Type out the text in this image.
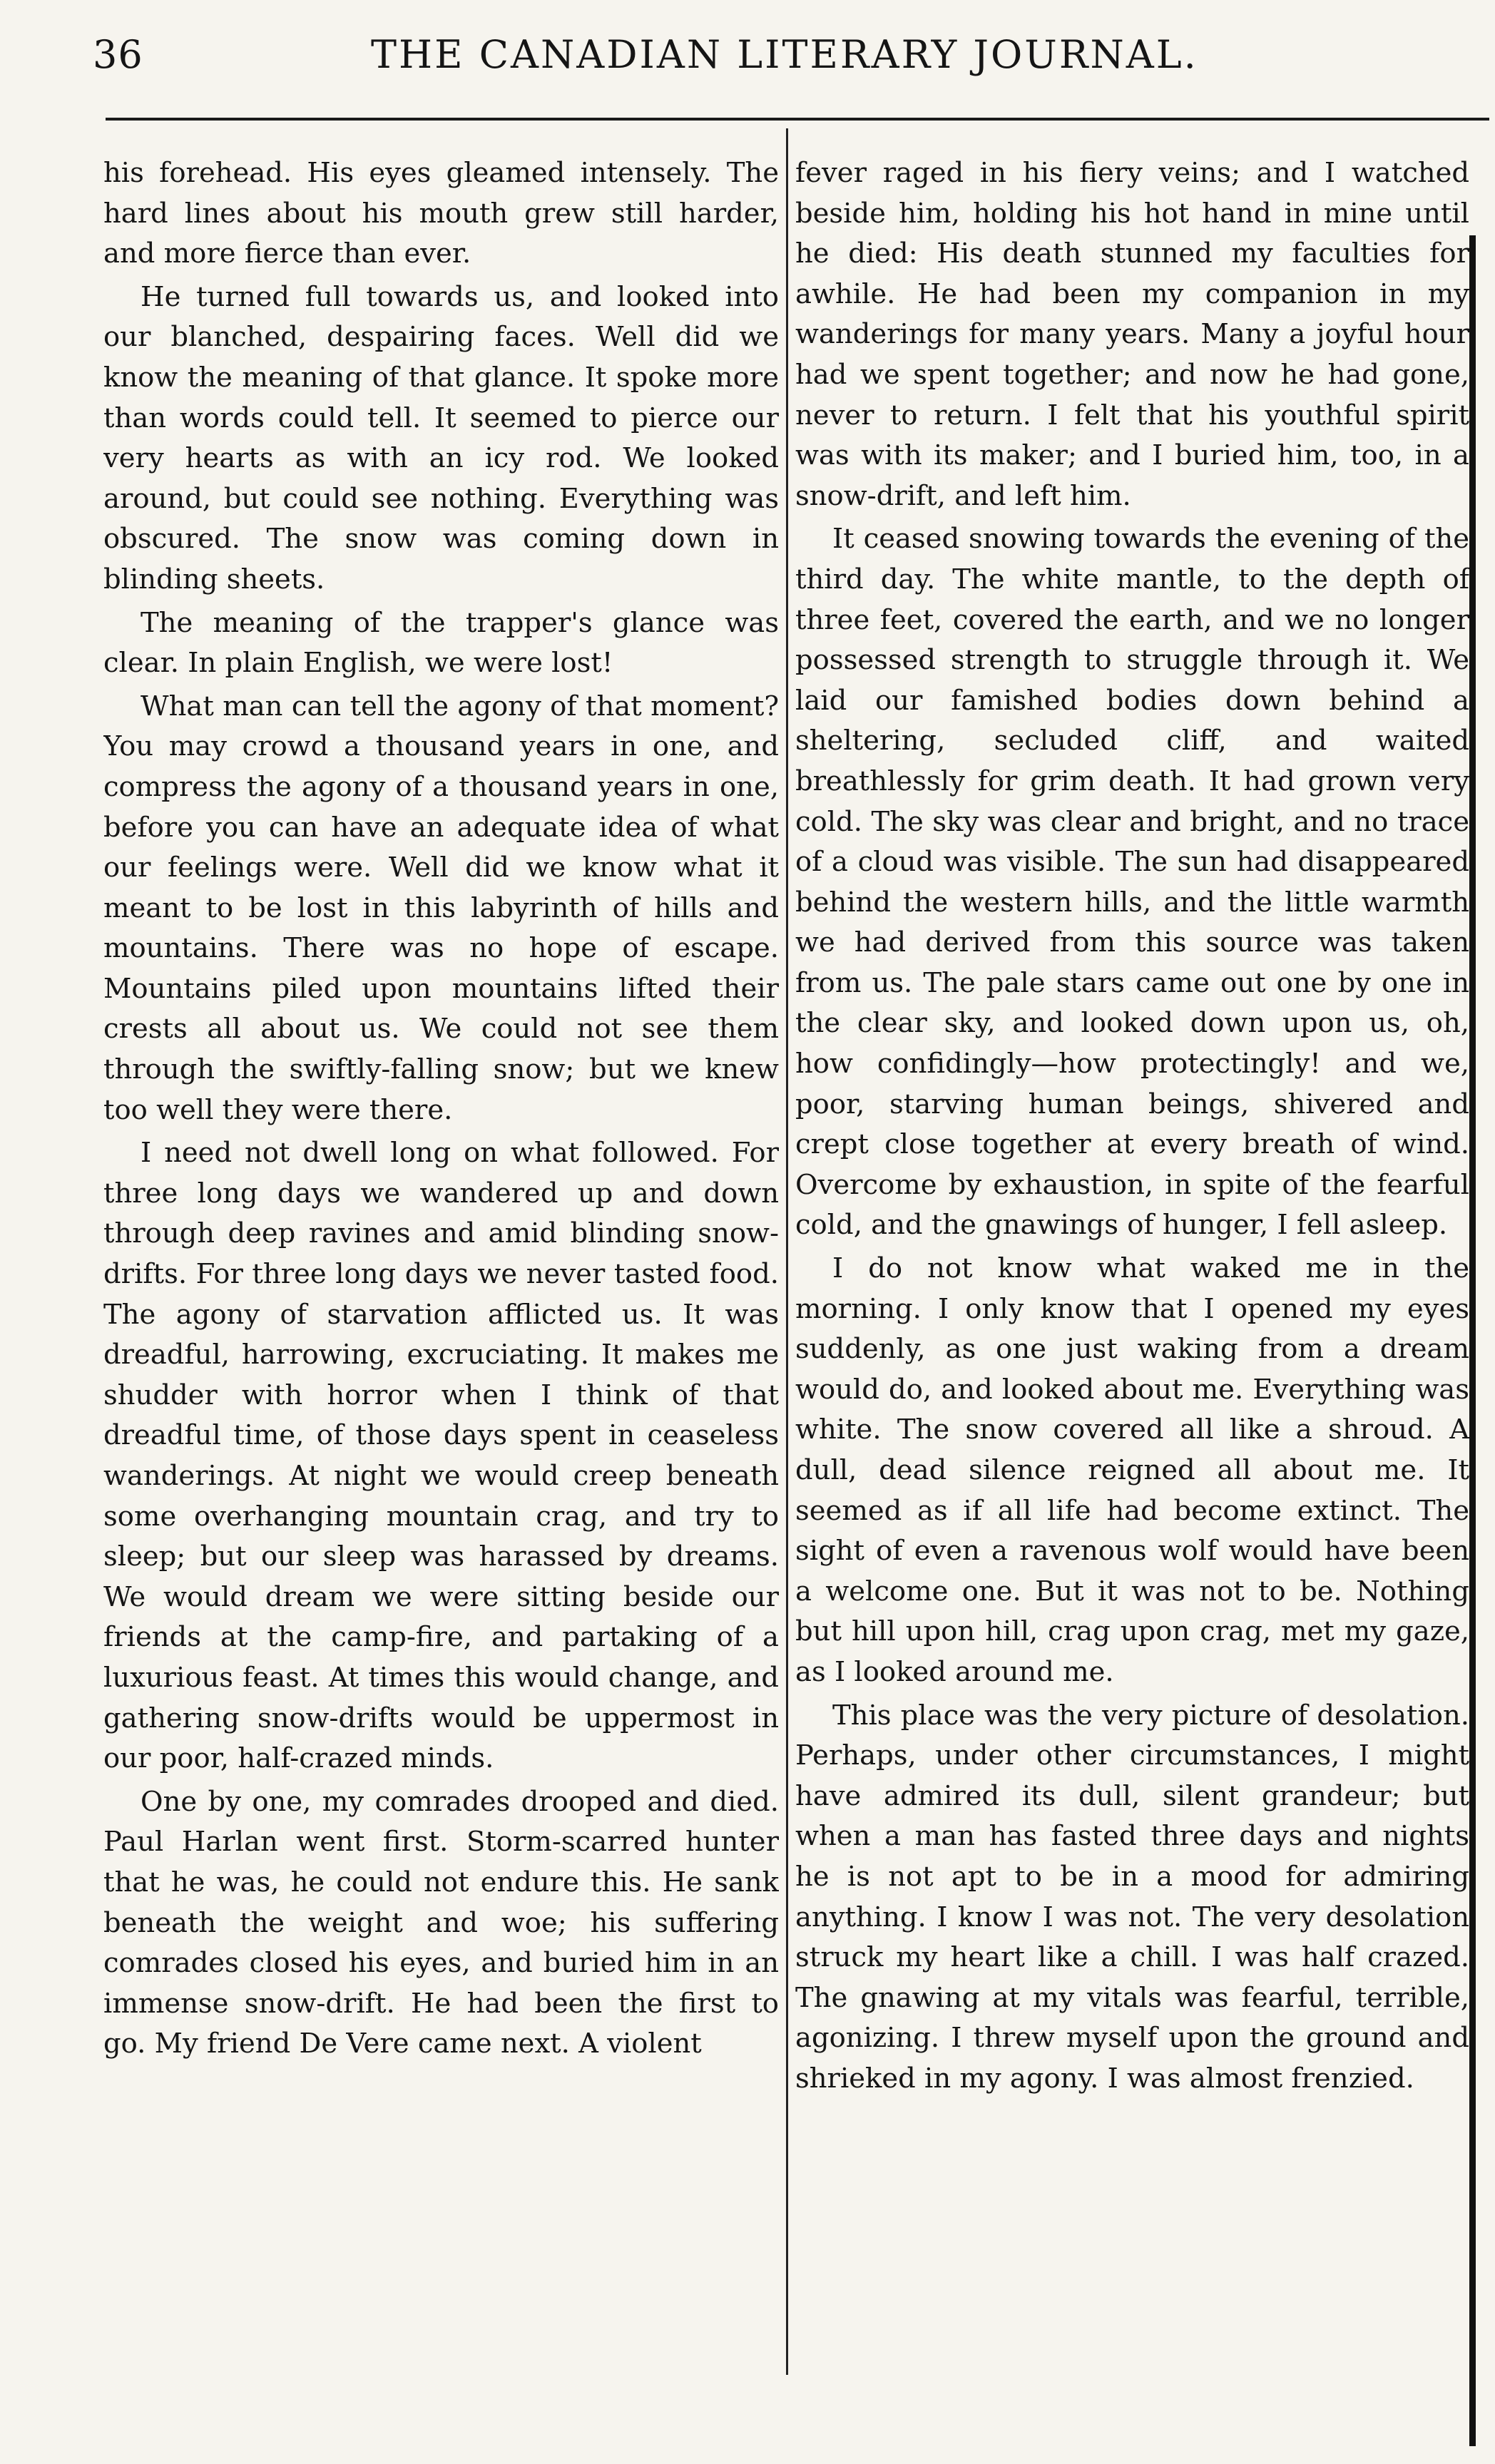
36	THE CANADIAN LITERARY JOURNAL.

his forehead. His eyes gleamed intensely. The hard lines about his mouth grew still harder, and more fierce than ever.

He turned full towards us, and looked into our blanched, despairing faces. Well did we know the meaning of that glance. It spoke more than words could tell. It seemed to pierce our very hearts as with an icy rod. We looked around, but could see nothing. Everything was obscured. The snow was coming down in blinding sheets.

The meaning of the trapper's glance was clear. In plain English, we were lost!

What man can tell the agony of that moment? You may crowd a thousand years in one, and compress the agony of a thousand years in one, before you can have an adequate idea of what our feelings were. Well did we know what it meant to be lost in this labyrinth of hills and mountains. There was no hope of escape. Mountains piled upon mountains lifted their crests all about us. We could not see them through the swiftly-falling snow; but we knew too well they were there.

I need not dwell long on what followed. For three long days we wandered up and down through deep ravines and amid blinding snow-drifts. For three long days we never tasted food. The agony of starvation afflicted us. It was dreadful, harrowing, excruciating. It makes me shudder with horror when I think of that dreadful time, of those days spent in ceaseless wanderings. At night we would creep beneath some overhanging mountain crag, and try to sleep; but our sleep was harassed by dreams. We would dream we were sitting beside our friends at the camp-fire, and partaking of a luxurious feast. At times this would change, and gathering snow-drifts would be uppermost in our poor, half-crazed minds.

One by one, my comrades drooped and died. Paul Harlan went first. Storm-scarred hunter that he was, he could not endure this. He sank beneath the weight and woe; his suffering comrades closed his eyes, and buried him in an immense snow-drift. He had been the first to go. My friend De Vere came next. A violent

fever raged in his fiery veins; and I watched beside him, holding his hot hand in mine until he died: His death stunned my faculties for awhile. He had been my companion in my wanderings for many years. Many a joyful hour had we spent together; and now he had gone, never to return. I felt that his youthful spirit was with its maker; and I buried him, too, in a snow-drift, and left him.

It ceased snowing towards the evening of the third day. The white mantle, to the depth of three feet, covered the earth, and we no longer possessed strength to struggle through it. We laid our famished bodies down behind a sheltering, secluded cliff, and waited breathlessly for grim death. It had grown very cold. The sky was clear and bright, and no trace of a cloud was visible. The sun had disappeared behind the western hills, and the little warmth we had derived from this source was taken from us. The pale stars came out one by one in the clear sky, and looked down upon us, oh, how confidingly—how protectingly! and we, poor, starving human beings, shivered and crept close together at every breath of wind. Overcome by exhaustion, in spite of the fearful cold, and the gnawings of hunger, I fell asleep.

I do not know what waked me in the morning. I only know that I opened my eyes suddenly, as one just waking from a dream would do, and looked about me. Everything was white. The snow covered all like a shroud. A dull, dead silence reigned all about me. It seemed as if all life had become extinct. The sight of even a ravenous wolf would have been a welcome one. But it was not to be. Nothing but hill upon hill, crag upon crag, met my gaze, as I looked around me.

This place was the very picture of desolation. Perhaps, under other circumstances, I might have admired its dull, silent grandeur; but when a man has fasted three days and nights he is not apt to be in a mood for admiring anything. I know I was not. The very desolation struck my heart like a chill. I was half crazed. The gnawing at my vitals was fearful, terrible, agonizing. I threw myself upon the ground and shrieked in my agony. I was almost frenzied.
